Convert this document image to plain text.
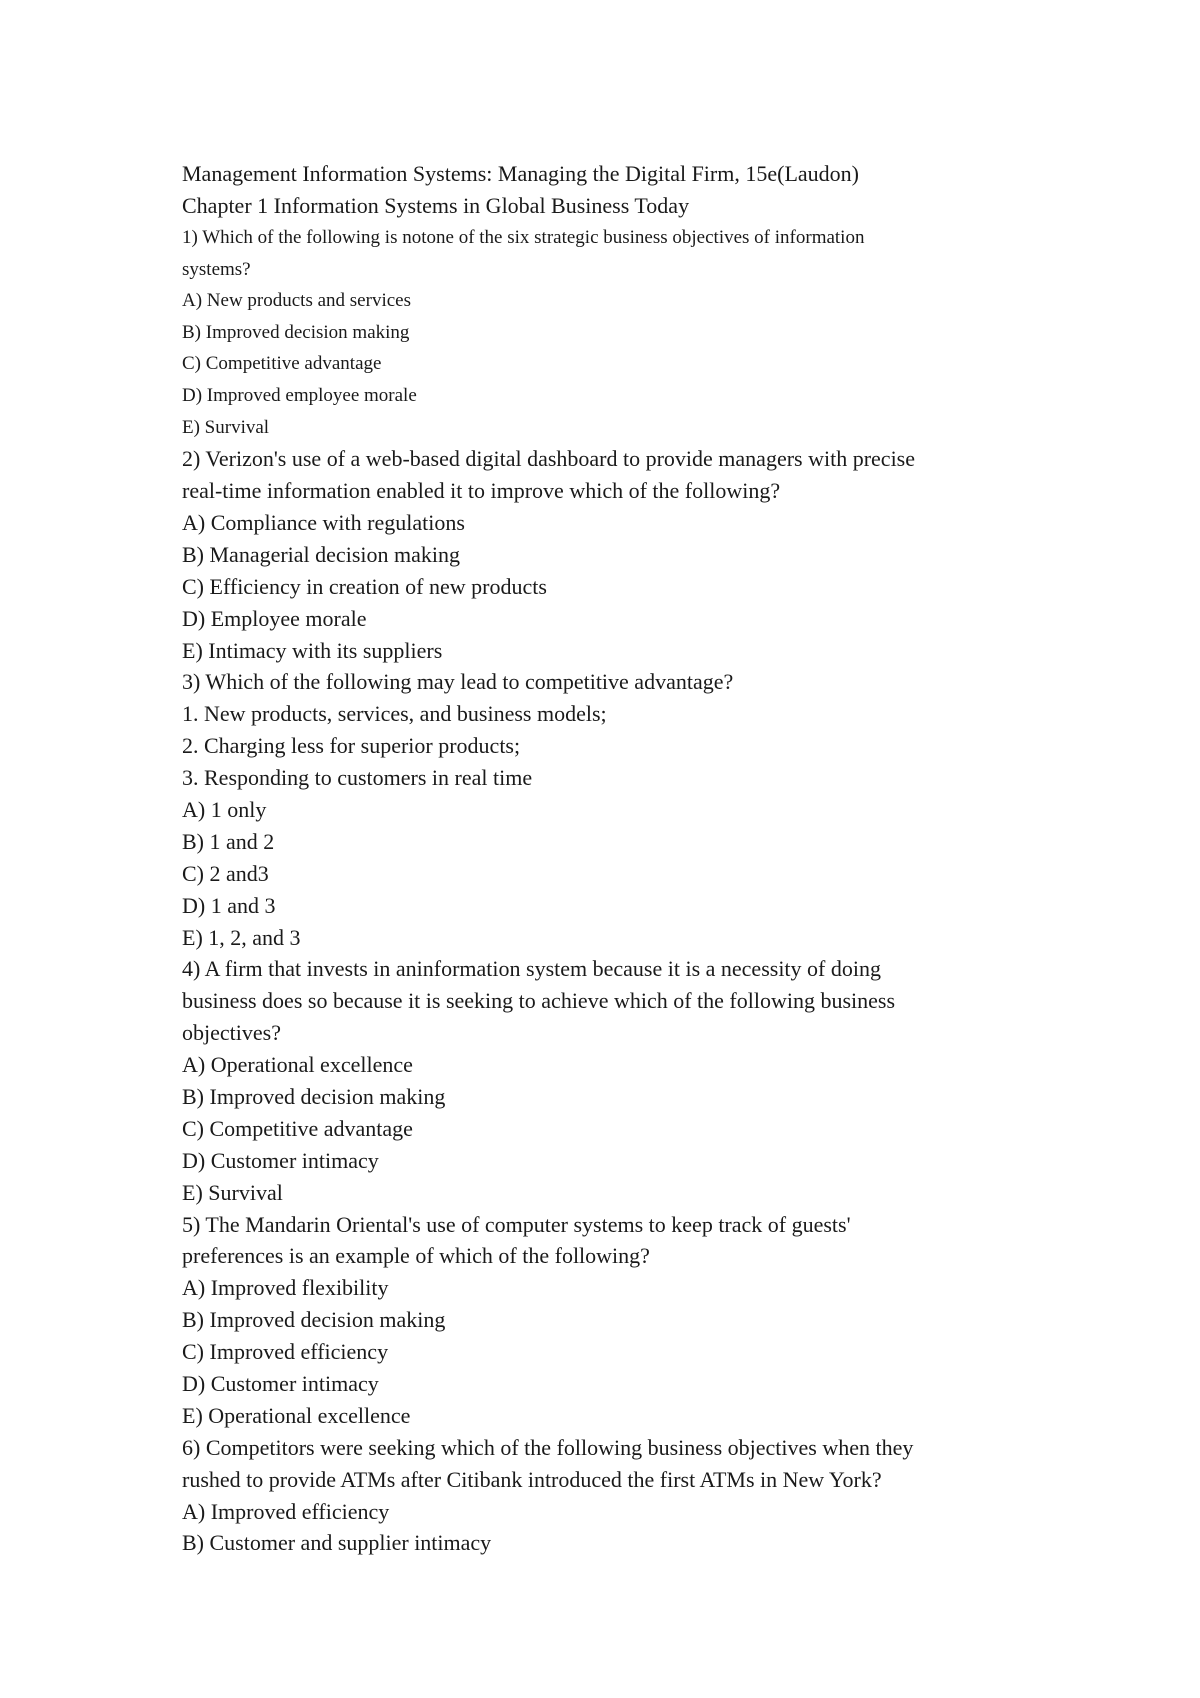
Management Information Systems: Managing the Digital Firm, 15e(Laudon)
Chapter 1 Information Systems in Global Business Today
1) Which of the following is notone of the six strategic business objectives of information
systems?
A) New products and services
B) Improved decision making
C) Competitive advantage
D) Improved employee morale
E) Survival
2) Verizon's use of a web-based digital dashboard to provide managers with precise
real-time information enabled it to improve which of the following?
A) Compliance with regulations
B) Managerial decision making
C) Efficiency in creation of new products
D) Employee morale
E) Intimacy with its suppliers
3) Which of the following may lead to competitive advantage?
1. New products, services, and business models;
2. Charging less for superior products;
3. Responding to customers in real time
A) 1 only
B) 1 and 2
C) 2 and3
D) 1 and 3
E) 1, 2, and 3
4) A firm that invests in aninformation system because it is a necessity of doing
business does so because it is seeking to achieve which of the following business
objectives?
A) Operational excellence
B) Improved decision making
C) Competitive advantage
D) Customer intimacy
E) Survival
5) The Mandarin Oriental's use of computer systems to keep track of guests'
preferences is an example of which of the following?
A) Improved flexibility
B) Improved decision making
C) Improved efficiency
D) Customer intimacy
E) Operational excellence
6) Competitors were seeking which of the following business objectives when they
rushed to provide ATMs after Citibank introduced the first ATMs in New York?
A) Improved efficiency
B) Customer and supplier intimacy
